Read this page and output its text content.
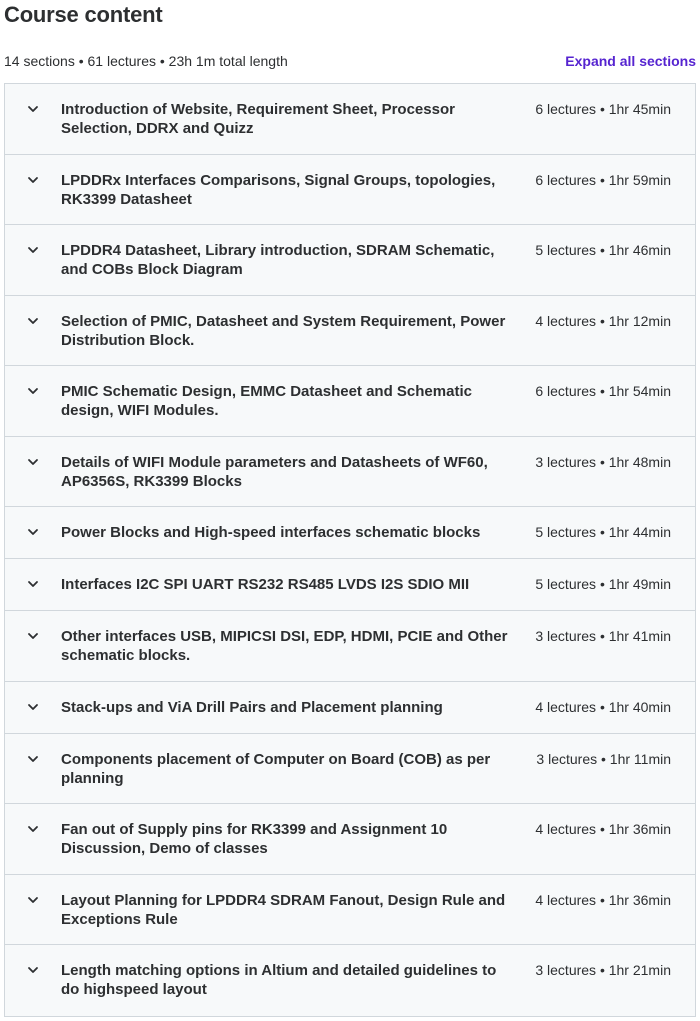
Course content
14 sections • 61 lectures • 23h 1m total length	Expand all sections
Introduction of Website, Requirement Sheet, Processor Selection, DDRX and Quizz
6 lectures • 1hr 45min
LPDDRx Interfaces Comparisons, Signal Groups, topologies, RK3399 Datasheet
6 lectures • 1hr 59min
LPDDR4 Datasheet, Library introduction, SDRAM Schematic, and COBs Block Diagram
5 lectures • 1hr 46min
Selection of PMIC, Datasheet and System Requirement, Power Distribution Block.
4 lectures • 1hr 12min
PMIC Schematic Design, EMMC Datasheet and Schematic design, WIFI Modules.
6 lectures • 1hr 54min
Details of WIFI Module parameters and Datasheets of WF60, AP6356S, RK3399 Blocks
3 lectures • 1hr 48min
Power Blocks and High-speed interfaces schematic blocks	5 lectures • 1hr 44min
Interfaces I2C SPI UART RS232 RS485 LVDS I2S SDIO MII	5 lectures • 1hr 49min
Other interfaces USB, MIPICSI DSI, EDP, HDMI, PCIE and Other schematic blocks.
3 lectures • 1hr 41min
Stack-ups and ViA Drill Pairs and Placement planning	4 lectures • 1hr 40min
Components placement of Computer on Board (COB) as per planning
3 lectures • 1hr 11min
Fan out of Supply pins for RK3399 and Assignment 10 Discussion, Demo of classes
4 lectures • 1hr 36min
Layout Planning for LPDDR4 SDRAM Fanout, Design Rule and Exceptions Rule
4 lectures • 1hr 36min
Length matching options in Altium and detailed guidelines to do highspeed layout
3 lectures • 1hr 21min
